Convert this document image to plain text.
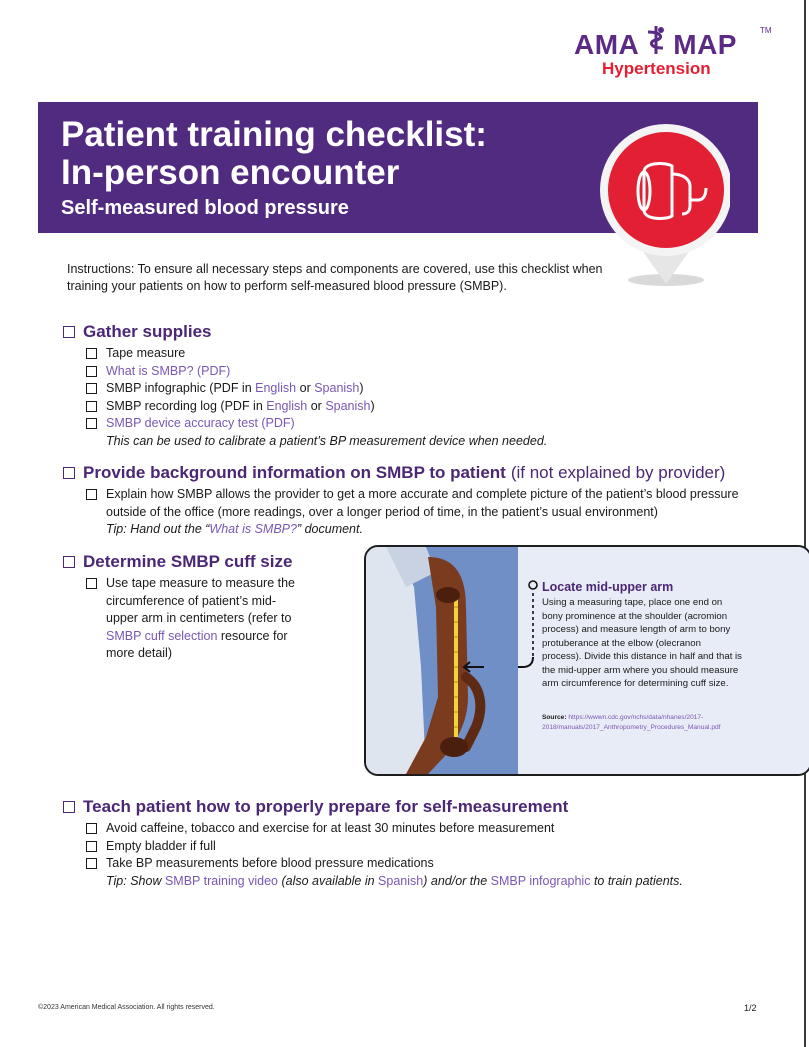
AMA MAP	TM
Hypertension
Patient training checklist:
In-person encounter
Self-measured blood pressure
Instructions: To ensure all necessary steps and components are covered, use this checklist when training your patients on how to perform self-measured blood pressure (SMBP).
Gather supplies
Tape measure
What is SMBP? (PDF)
SMBP infographic (PDF in English or Spanish)
SMBP recording log (PDF in English or Spanish)
SMBP device accuracy test (PDF)
This can be used to calibrate a patient’s BP measurement device when needed.
Provide background information on SMBP to patient (if not explained by provider)
Explain how SMBP allows the provider to get a more accurate and complete picture of the patient’s blood pressure outside of the office (more readings, over a longer period of time, in the patient’s usual environment)
Tip: Hand out the “What is SMBP?” document.
Determine SMBP cuff size
Use tape measure to measure the circumference of patient’s mid-upper arm in centimeters (refer to SMBP cuff selection resource for more detail)
Locate mid-upper arm
Using a measuring tape, place one end on bony prominence at the shoulder (acromion process) and measure length of arm to bony protuberance at the elbow (olecranon process). Divide this distance in half and that is the mid-upper arm where you should measure arm circumference for determining cuff size.
Source: https://wwwn.cdc.gov/nchs/data/nhanes/2017-2018/manuals/2017_Anthropometry_Procedures_Manual.pdf
Teach patient how to properly prepare for self-measurement
Avoid caffeine, tobacco and exercise for at least 30 minutes before measurement
Empty bladder if full
Take BP measurements before blood pressure medications
Tip: Show SMBP training video (also available in Spanish) and/or the SMBP infographic to train patients.
©2023 American Medical Association. All rights reserved.	1/2
